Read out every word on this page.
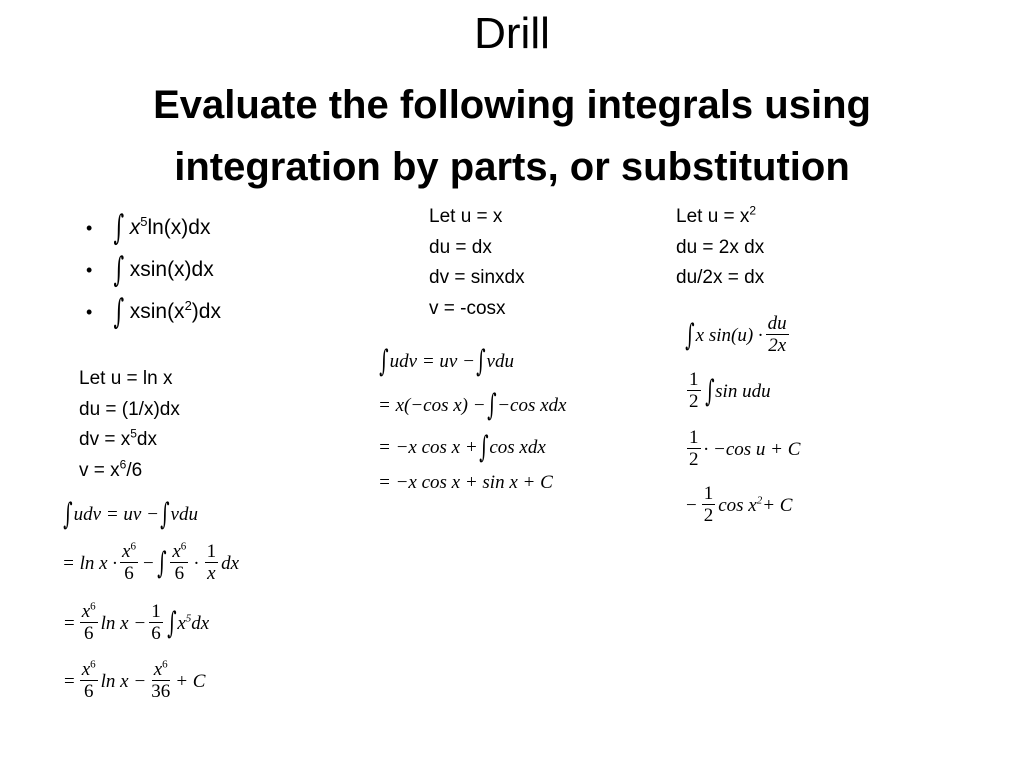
Drill
Evaluate the following integrals using integration by parts, or substitution
• ∫ $x^5\ln(x)dx$
• ∫ xsin(x)dx
• ∫ $xsin(x^2)dx$
Let u = ln x
du = (1/x)dx
dv = $x^5dx$
$v = x^6/6$
Let u = x
du = dx
dv = sinxdx
v = -cosx
Let $u = x^2$
du = 2x dx
du/2x = dx
∫ udv = uv − ∫ vdu
= $\ln x \cdot \frac{x^6}{6}$ − ∫ $\frac{x^6}{6} \cdot \frac{1}{x}$ dx
= $\frac{x^6}{6}$ $\ln x - \frac{1}{6}$ ∫ $x^5$ dx
= $\frac{x^6}{6}$ $\ln x - \frac{x^6}{36} + C$
∫ udv = uv − ∫ vdu
= x(−cos x) − ∫ −cos xdx
= −x cos x + ∫ cos xdx
= −x cos x + sin x + C
∫ x $\sin(u) \cdot \frac{du}{2x}$
$\frac{1}{2}$ ∫ sin udu
$\frac{1}{2} \cdot -\cos$ u + C
− $\frac{1}{2}$ $\cos x^2 + C$
